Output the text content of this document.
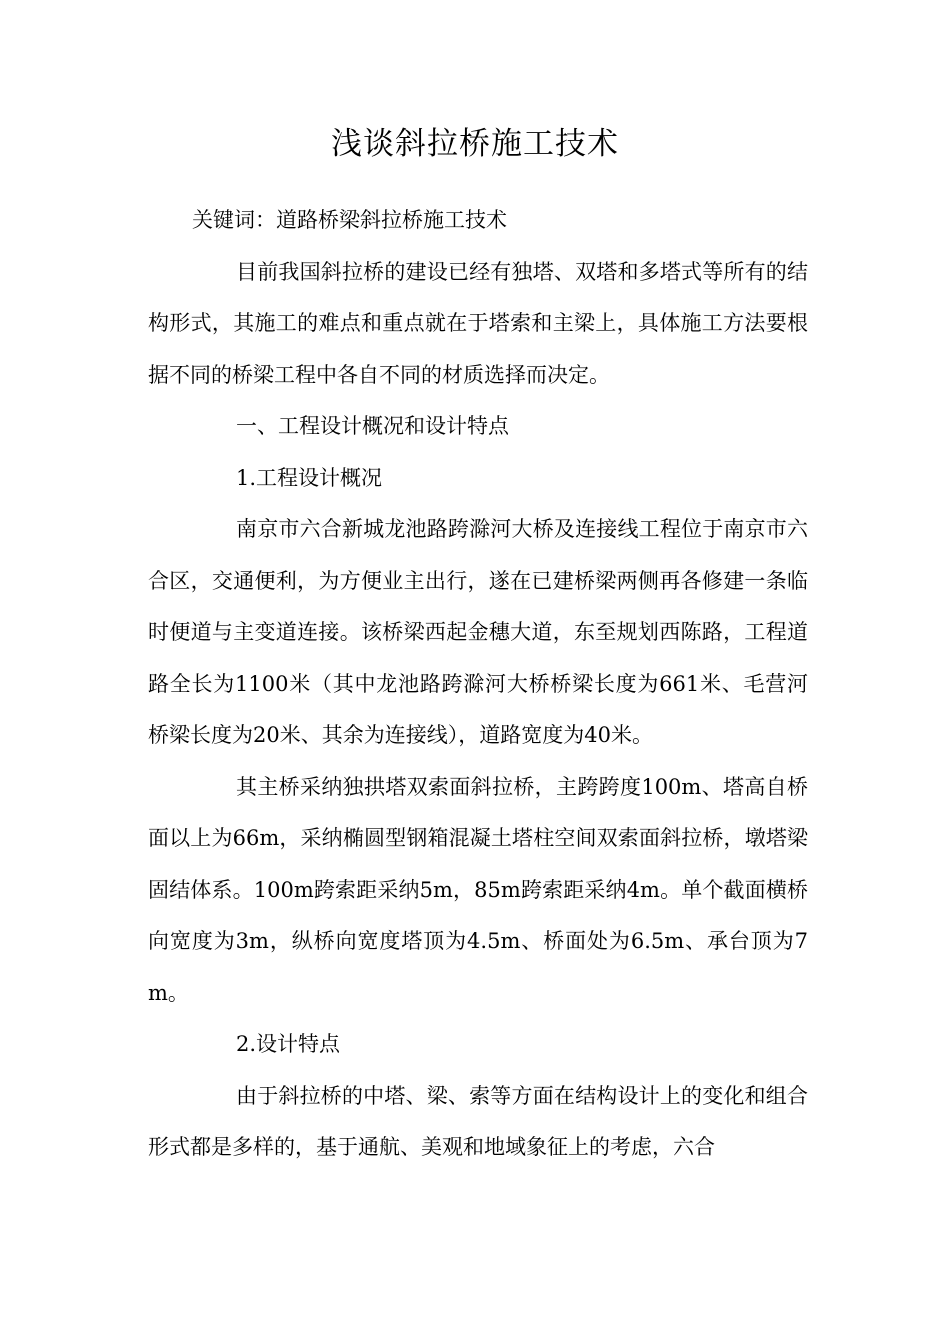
浅谈斜拉桥施工技术

关键词：道路桥梁斜拉桥施工技术

目前我国斜拉桥的建设已经有独塔、双塔和多塔式等所有的结构形式，其施工的难点和重点就在于塔索和主梁上，具体施工方法要根据不同的桥梁工程中各自不同的材质选择而决定。

一、工程设计概况和设计特点

1.工程设计概况

南京市六合新城龙池路跨滁河大桥及连接线工程位于南京市六合区，交通便利，为方便业主出行，遂在已建桥梁两侧再各修建一条临时便道与主变道连接。该桥梁西起金穗大道，东至规划西陈路，工程道路全长为1100米（其中龙池路跨滁河大桥桥梁长度为661米、毛营河桥梁长度为20米、其余为连接线），道路宽度为40米。

其主桥采纳独拱塔双索面斜拉桥，主跨跨度100m、塔高自桥面以上为66m，采纳椭圆型钢箱混凝土塔柱空间双索面斜拉桥，墩塔梁固结体系。100m跨索距采纳5m，85m跨索距采纳4m。单个截面横桥向宽度为3m，纵桥向宽度塔顶为4.5m、桥面处为6.5m、承台顶为7m。

2.设计特点

由于斜拉桥的中塔、梁、索等方面在结构设计上的变化和组合形式都是多样的，基于通航、美观和地域象征上的考虑，六合
